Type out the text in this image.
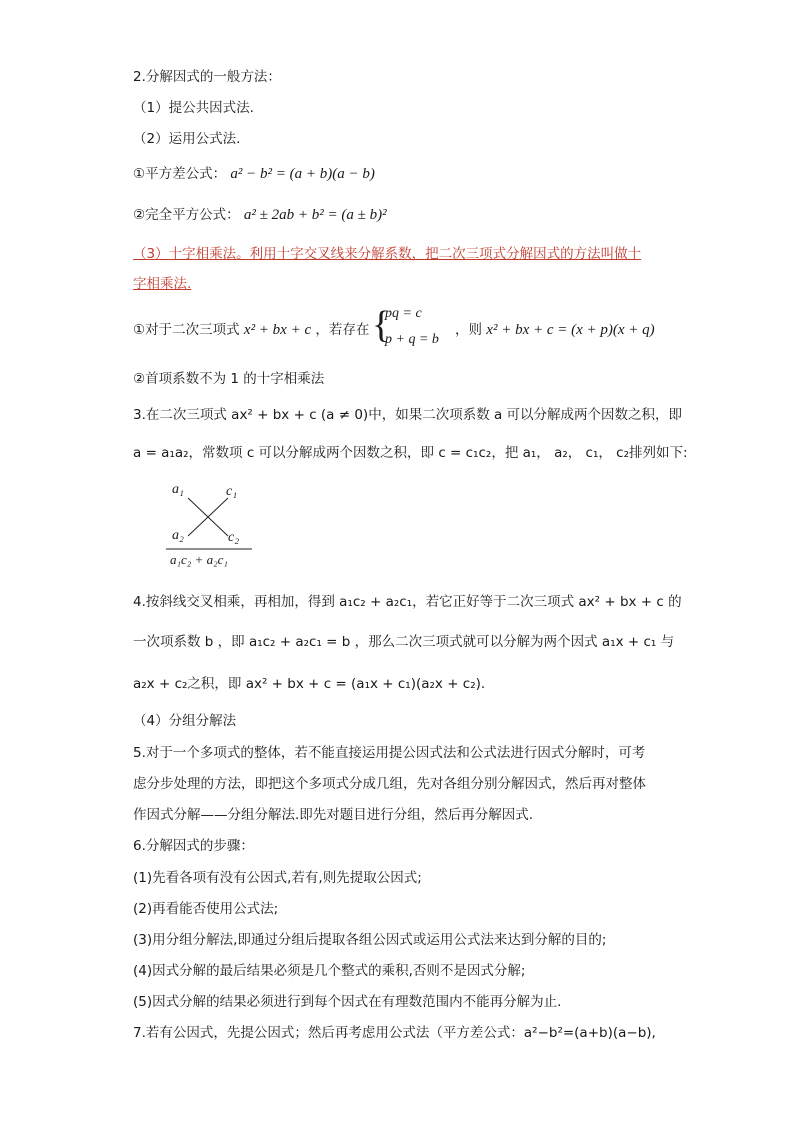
2.分解因式的一般方法：
（1）提公共因式法.
（2）运用公式法.
①平方差公式： a² − b² = (a + b)(a − b)
②完全平方公式： a² ± 2ab + b² = (a ± b)²
（3）十字相乘法。利用十字交叉线来分解系数，把二次三项式分解因式的方法叫做十
字相乘法.
①对于二次三项式 x² + bx + c ，若存在 {
pq = c
p + q = b
，则 x² + bx + c = (x + p)(x + q)
②首项系数不为 1 的十字相乘法
3.在二次三项式 ax² + bx + c (a ≠ 0)中，如果二次项系数 a 可以分解成两个因数之积，即
a = a₁a₂，常数项 c 可以分解成两个因数之积，即 c = c₁c₂，把 a₁， a₂， c₁， c₂排列如下:
a₁	c₁
a₂	c₂
a₁c₂ + a₂c₁
4.按斜线交叉相乘，再相加，得到 a₁c₂ + a₂c₁，若它正好等于二次三项式 ax² + bx + c 的
一次项系数 b ，即 a₁c₂ + a₂c₁ = b ，那么二次三项式就可以分解为两个因式 a₁x + c₁ 与
a₂x + c₂之积，即 ax² + bx + c = (a₁x + c₁)(a₂x + c₂).
（4）分组分解法
5.对于一个多项式的整体，若不能直接运用提公因式法和公式法进行因式分解时，可考
虑分步处理的方法，即把这个多项式分成几组，先对各组分别分解因式，然后再对整体
作因式分解——分组分解法.即先对题目进行分组，然后再分解因式.
6.分解因式的步骤：
(1)先看各项有没有公因式,若有,则先提取公因式;
(2)再看能否使用公式法;
(3)用分组分解法,即通过分组后提取各组公因式或运用公式法来达到分解的目的;
(4)因式分解的最后结果必须是几个整式的乘积,否则不是因式分解;
(5)因式分解的结果必须进行到每个因式在有理数范围内不能再分解为止.
7.若有公因式，先提公因式；然后再考虑用公式法（平方差公式：a²−b²=(a+b)(a−b),
